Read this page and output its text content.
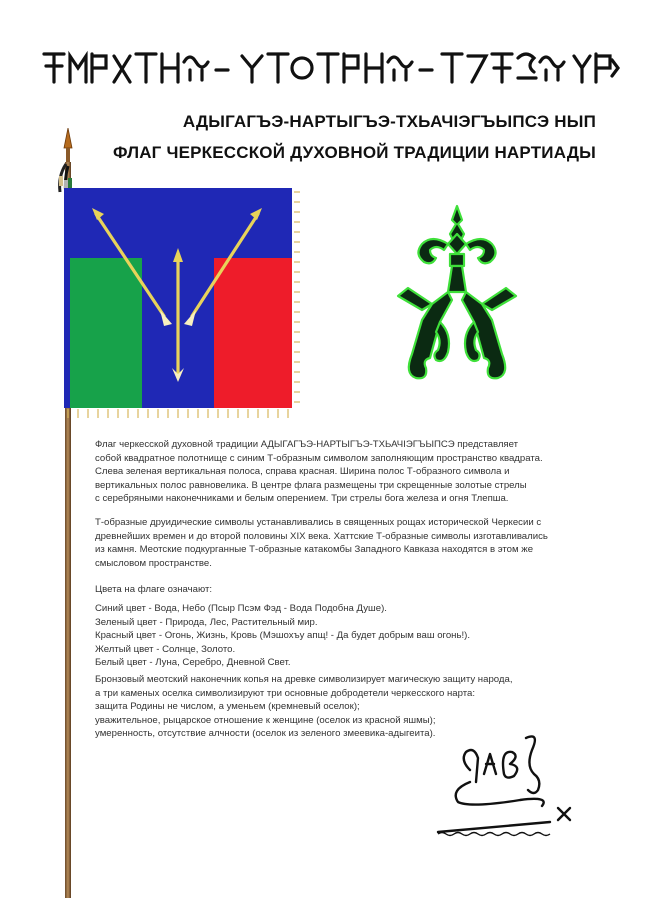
АДЫГАГЪЭ-НАРТЫГЪЭ-ТХЬАЧIЭГЪЫПСЭ НЫП
ФЛАГ ЧЕРКЕССКОЙ ДУХОВНОЙ ТРАДИЦИИ НАРТИАДЫ
Флаг черкесской духовной традиции АДЫГАГЪЭ-НАРТЫГЪЭ-ТХЬАЧIЭГЪЫПСЭ представляет
собой квадратное полотнище с синим Т-образным символом заполняющим пространство квадрата.
Слева зеленая вертикальная полоса, справа красная. Ширина полос Т-образного символа и
вертикальных полос равновелика. В центре флага размещены три скрещенные золотые стрелы
с серебряными наконечниками и белым оперением. Три стрелы бога железа и огня Тлепша.
Т-образные друидические символы устанавливались в священных рощах исторической Черкесии с
древнейших времен и до второй половины XIX века. Хаттские Т-образные символы изготавливались
из камня. Меотские подкурганные Т-образные катакомбы Западного Кавказа находятся в этом же
смысловом пространстве.
Цвета на флаге означают:
Синий цвет - Вода, Небо (Псыр Псэм Фэд - Вода Подобна Душе).
Зеленый цвет - Природа, Лес, Растительный мир.
Красный цвет - Огонь, Жизнь, Кровь (Мэшохъу апщ! - Да будет добрым ваш огонь!).
Желтый цвет - Солнце, Золото.
Белый цвет - Луна, Серебро, Дневной Свет.
Бронзовый меотский наконечник копья на древке символизирует магическую защиту народа,
а три каменых оселка символизируют три основные добродетели черкесского нарта:
защита Родины не числом, а уменьем (кремневый оселок);
уважительное, рыцарское отношение к женщине (оселок из красной яшмы);
умеренность, отсутствие алчности (оселок из зеленого змеевика-адыгеита).
